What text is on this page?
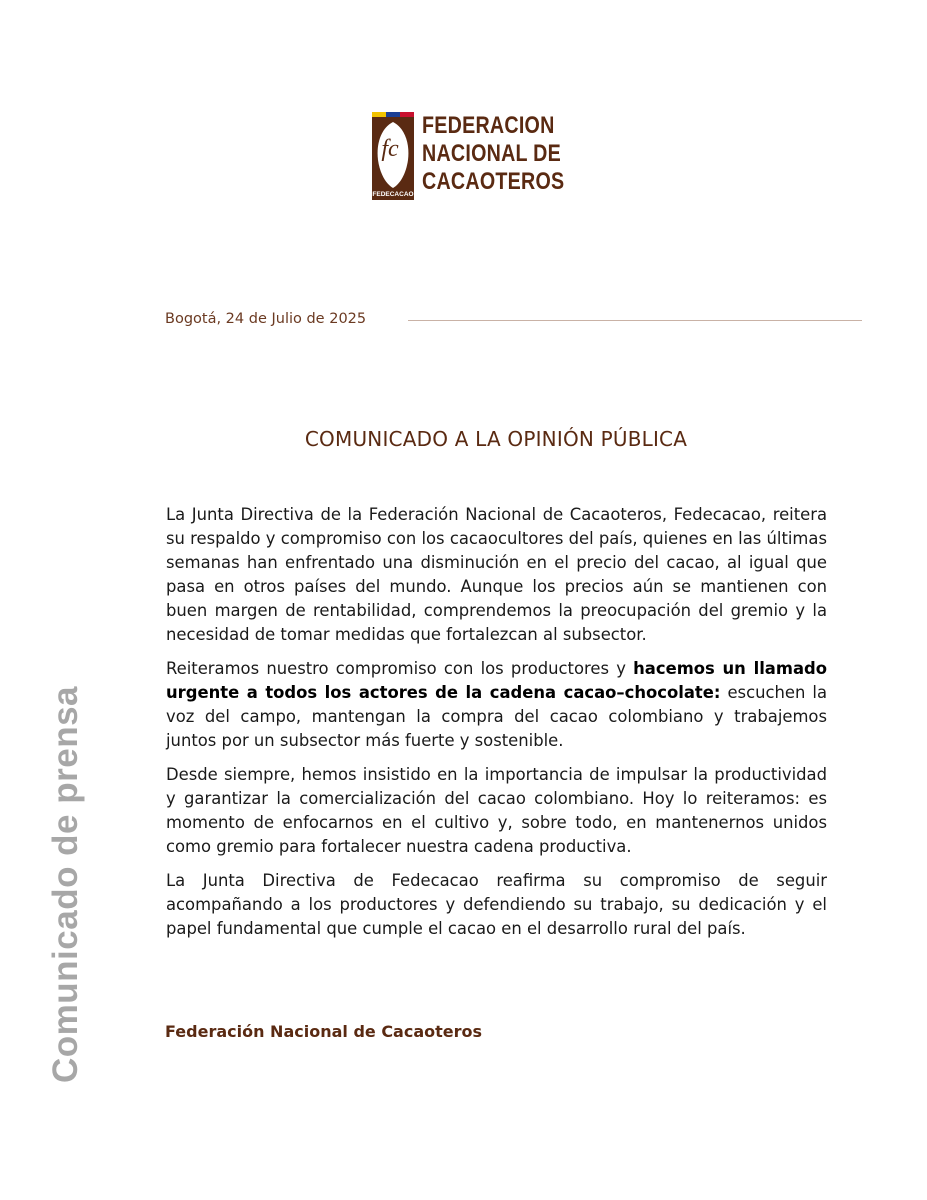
fc
FEDECACAO
FEDERACION
NACIONAL DE
CACAOTEROS
Bogotá, 24 de Julio de 2025
COMUNICADO A LA OPINIÓN PÚBLICA

La Junta Directiva de la Federación Nacional de Cacaoteros, Fedecacao, reitera su respaldo y compromiso con los cacaocultores del país, quienes en las últimas semanas han enfrentado una disminución en el precio del cacao, al igual que pasa en otros países del mundo. Aunque los precios aún se mantienen con buen margen de rentabilidad, comprendemos la preocupación del gremio y la necesidad de tomar medidas que fortalezcan al subsector.

Reiteramos nuestro compromiso con los productores y hacemos un llamado urgente a todos los actores de la cadena cacao–chocolate: escuchen la voz del campo, mantengan la compra del cacao colombiano y trabajemos juntos por un subsector más fuerte y sostenible.

Desde siempre, hemos insistido en la importancia de impulsar la productividad y garantizar la comercialización del cacao colombiano. Hoy lo reiteramos: es momento de enfocarnos en el cultivo y, sobre todo, en mantenernos unidos como gremio para fortalecer nuestra cadena productiva.

La Junta Directiva de Fedecacao reafirma su compromiso de seguir acompañando a los productores y defendiendo su trabajo, su dedicación y el papel fundamental que cumple el cacao en el desarrollo rural del país.

Federación Nacional de Cacaoteros
Comunicado de prensa
